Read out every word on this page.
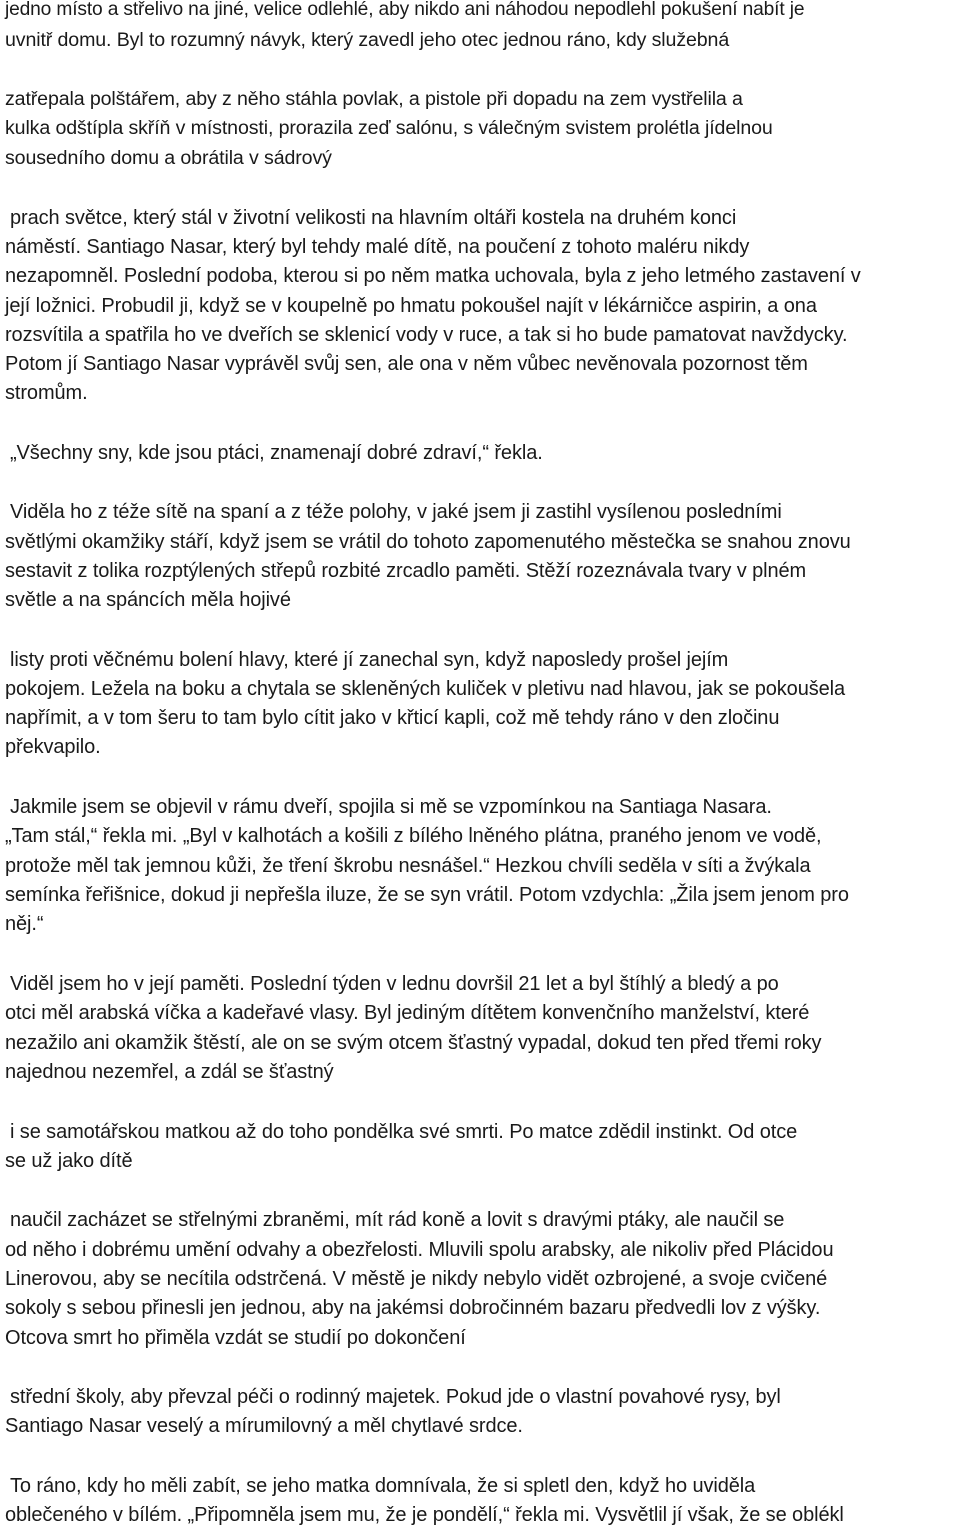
jedno místo a střelivo na jiné, velice odlehlé, aby nikdo ani náhodou nepodlehl pokušení nabít je
uvnitř domu. Byl to rozumný návyk, který zavedl jeho otec jednou ráno, kdy služebná
zatřepala polštářem, aby z něho stáhla povlak, a pistole při dopadu na zem vystřelila a
kulka odštípla skříň v místnosti, prorazila zeď salónu, s válečným svistem prolétla jídelnou
sousedního domu a obrátila v sádrový
prach světce, který stál v životní velikosti na hlavním oltáři kostela na druhém konci
náměstí. Santiago Nasar, který byl tehdy malé dítě, na poučení z tohoto maléru nikdy
nezapomněl. Poslední podoba, kterou si po něm matka uchovala, byla z jeho letmého zastavení v
její ložnici. Probudil ji, když se v koupelně po hmatu pokoušel najít v lékárničce aspirin, a ona
rozsvítila a spatřila ho ve dveřích se sklenicí vody v ruce, a tak si ho bude pamatovat navždycky.
Potom jí Santiago Nasar vyprávěl svůj sen, ale ona v něm vůbec nevěnovala pozornost těm
stromům.
„Všechny sny, kde jsou ptáci, znamenají dobré zdraví,“ řekla.
Viděla ho z téže sítě na spaní a z téže polohy, v jaké jsem ji zastihl vysílenou posledními
světlými okamžiky stáří, když jsem se vrátil do tohoto zapomenutého městečka se snahou znovu
sestavit z tolika rozptýlených střepů rozbité zrcadlo paměti. Stěží rozeznávala tvary v plném
světle a na spáncích měla hojivé
listy proti věčnému bolení hlavy, které jí zanechal syn, když naposledy prošel jejím
pokojem. Ležela na boku a chytala se skleněných kuliček v pletivu nad hlavou, jak se pokoušela
napřímit, a v tom šeru to tam bylo cítit jako v křticí kapli, což mě tehdy ráno v den zločinu
překvapilo.
Jakmile jsem se objevil v rámu dveří, spojila si mě se vzpomínkou na Santiaga Nasara.
„Tam stál,“ řekla mi. „Byl v kalhotách a košili z bílého lněného plátna, praného jenom ve vodě,
protože měl tak jemnou kůži, že tření škrobu nesnášel.“ Hezkou chvíli seděla v síti a žvýkala
semínka řeřišnice, dokud ji nepřešla iluze, že se syn vrátil. Potom vzdychla: „Žila jsem jenom pro
něj.“
Viděl jsem ho v její paměti. Poslední týden v lednu dovršil 21 let a byl štíhlý a bledý a po
otci měl arabská víčka a kadeřavé vlasy. Byl jediným dítětem konvenčního manželství, které
nezažilo ani okamžik štěstí, ale on se svým otcem šťastný vypadal, dokud ten před třemi roky
najednou nezemřel, a zdál se šťastný
i se samotářskou matkou až do toho pondělka své smrti. Po matce zdědil instinkt. Od otce
se už jako dítě
naučil zacházet se střelnými zbraněmi, mít rád koně a lovit s dravými ptáky, ale naučil se
od něho i dobrému umění odvahy a obezřelosti. Mluvili spolu arabsky, ale nikoliv před Plácidou
Linerovou, aby se necítila odstrčená. V městě je nikdy nebylo vidět ozbrojené, a svoje cvičené
sokoly s sebou přinesli jen jednou, aby na jakémsi dobročinném bazaru předvedli lov z výšky.
Otcova smrt ho přiměla vzdát se studií po dokončení
střední školy, aby převzal péči o rodinný majetek. Pokud jde o vlastní povahové rysy, byl
Santiago Nasar veselý a mírumilovný a měl chytlavé srdce.
To ráno, kdy ho měli zabít, se jeho matka domnívala, že si spletl den, když ho uviděla
oblečeného v bílém. „Připomněla jsem mu, že je pondělí,“ řekla mi. Vysvětlil jí však, že se oblékl
